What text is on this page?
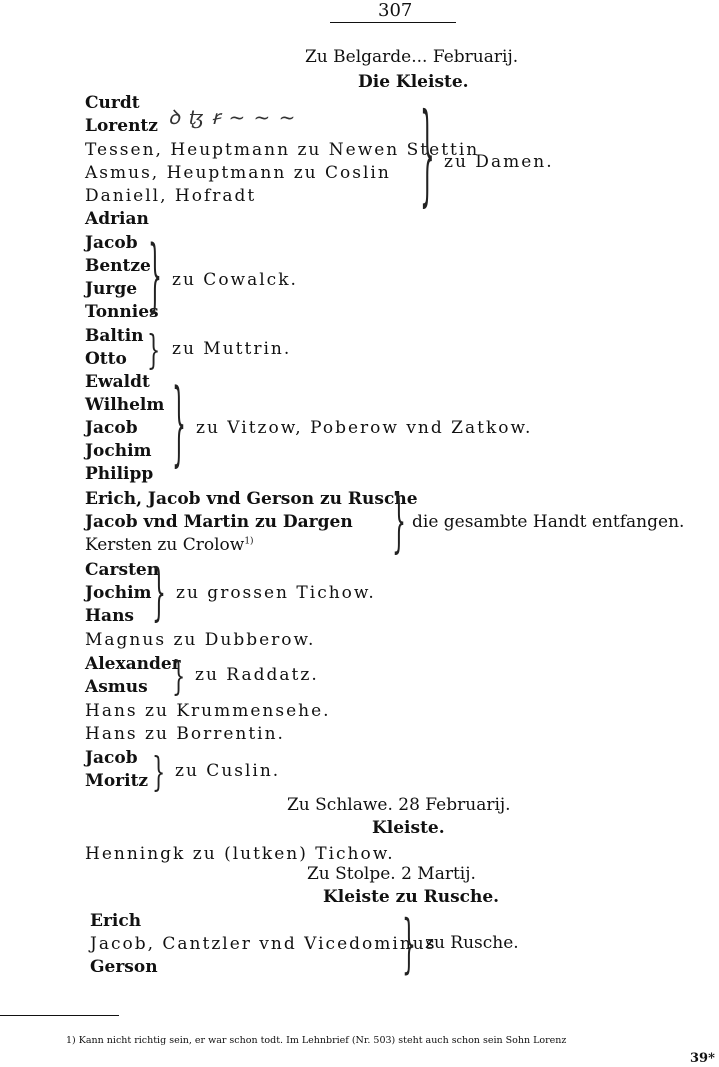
307
Zu Belgarde... Februarij.
Die Kleiste.
ꝺ ꜩ ꞧ ~ ~ ~
Curdt
Lorentz
Tessen, Heuptmann zu Newen Stettin
Asmus, Heuptmann zu Coslin
Daniell, Hofradt
Adrian
} zu Damen.
Jacob
Bentze
Jurge
Tonnies
} zu Cowalck.
Baltin
Otto } zu Muttrin.
Ewaldt
Wilhelm
Jacob
Jochim
Philipp } zu Vitzow, Poberow vnd Zatkow.
Erich, Jacob vnd Gerson zu Rusche
Jacob vnd Martin zu Dargen
Kersten zu Crolow$^{1)}$	} die gesambte Handt entfangen.
Carsten
Jochim
Hans } zu grossen Tichow.
Magnus zu Dubberow.
Alexander
Asmus } zu Raddatz.
Hans zu Krummensehe.
Hans zu Borrentin.
Jacob
Moritz } zu Cuslin.
Zu Schlawe. 28 Februarij.
Kleiste.
Henningk zu (lutken) Tichow.
Zu Stolpe. 2 Martij.
Kleiste zu Rusche.
Erich
Jacob, Cantzler vnd Vicedominus
Gerson	} zu Rusche.
1) Kann nicht richtig sein, er war schon todt. Im Lehnbrief (Nr. 503) steht auch schon sein Sohn Lorenz
39*
